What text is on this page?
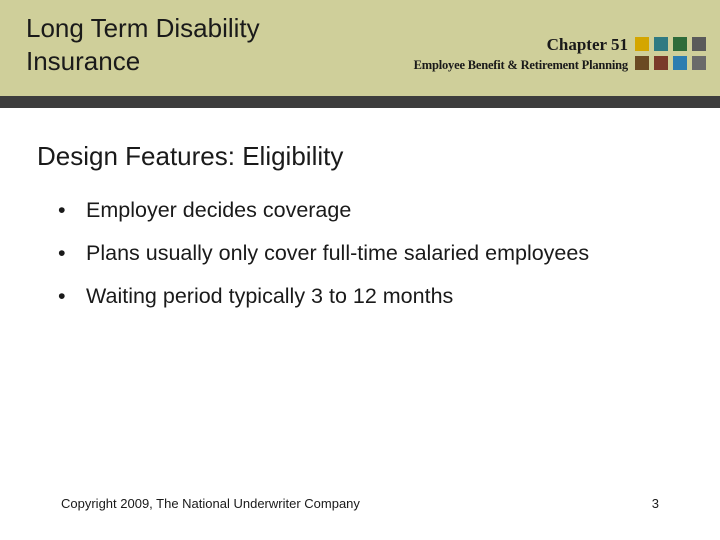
Long Term Disability
Insurance
Chapter 51
Employee Benefit & Retirement Planning
Design Features: Eligibility
• Employer decides coverage
• Plans usually only cover full-time salaried employees
• Waiting period typically 3 to 12 months
Copyright 2009, The National Underwriter Company	3
